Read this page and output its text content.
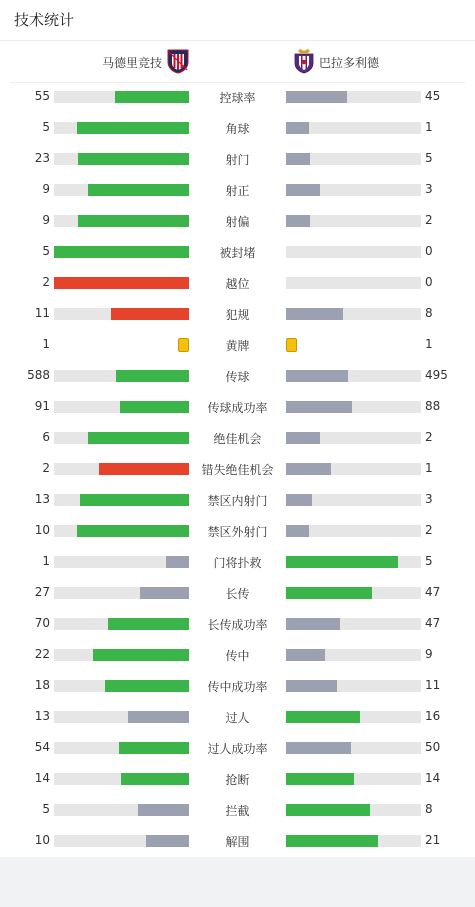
技术统计
马德里竞技	巴拉多利德
55	控球率	45
5	角球	1
23	射门	5
9	射正	3
9	射偏	2
5	被封堵	0
2	越位	0
11	犯规	8
1	黄牌	1
588	传球	495
91	传球成功率	88
6	绝佳机会	2
2	错失绝佳机会	1
13	禁区内射门	3
10	禁区外射门	2
1	门将扑救	5
27	长传	47
70	长传成功率	47
22	传中	9
18	传中成功率	11
13	过人	16
54	过人成功率	50
14	抢断	14
5	拦截	8
10	解围	21
